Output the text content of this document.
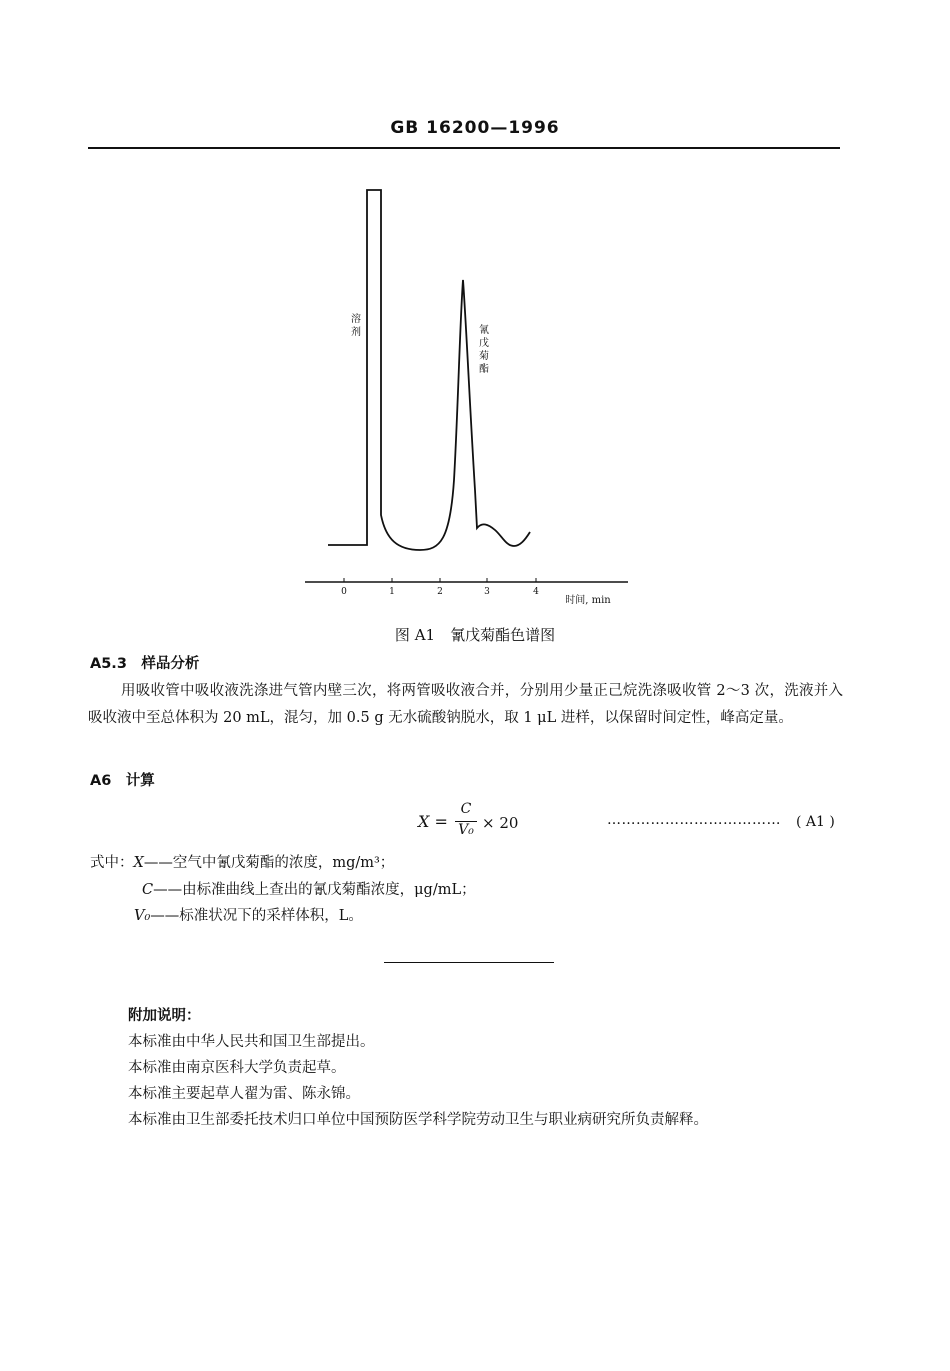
GB 16200—1996
0	1	2	3	4
时间, min
溶
剂	氰
戊
菊
酯
图 A1　氰戊菊酯色谱图
A5.3　样品分析
用吸收管中吸收液洗涤进气管内壁三次，将两管吸收液合并，分别用少量正己烷洗涤吸收管 2～3 次，洗液并入吸收液中至总体积为 20 mL，混匀，加 0.5 g 无水硫酸钠脱水，取 1 μL 进样，以保留时间定性，峰高定量。
A6　计算
X =
C
V₀ × 20	……………………………… ( A1 )
式中：X——空气中氰戊菊酯的浓度，mg/m³；
C——由标准曲线上查出的氰戊菊酯浓度，μg/mL；
V₀——标准状况下的采样体积，L。
附加说明：
本标准由中华人民共和国卫生部提出。
本标准由南京医科大学负责起草。
本标准主要起草人翟为雷、陈永锦。
本标准由卫生部委托技术归口单位中国预防医学科学院劳动卫生与职业病研究所负责解释。
